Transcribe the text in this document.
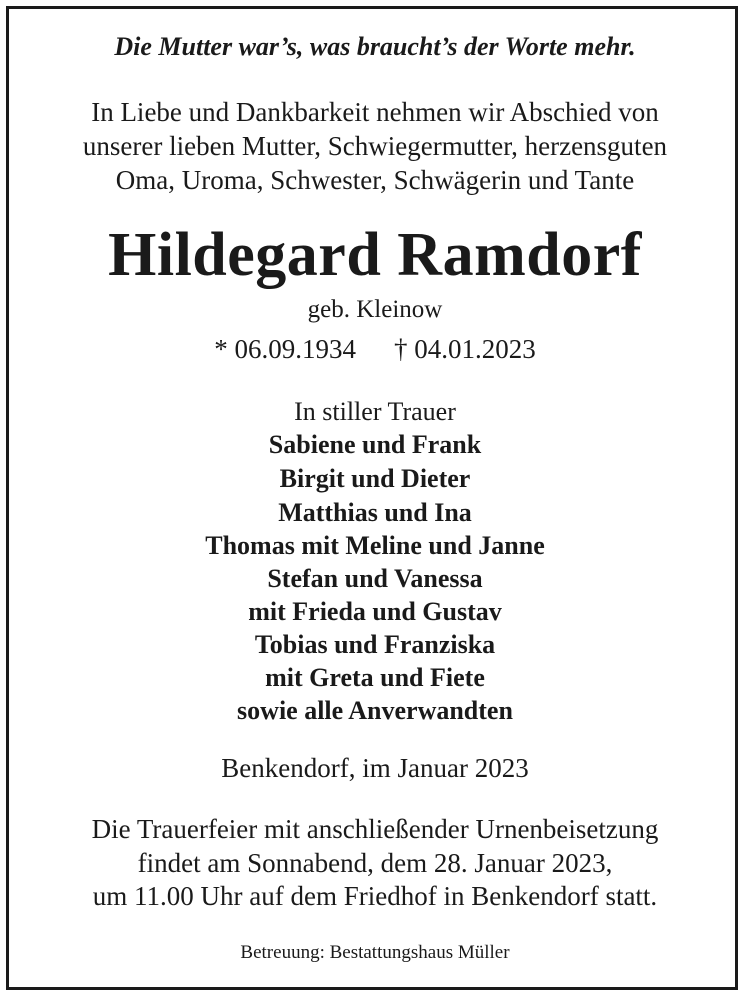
Die Mutter war’s, was braucht’s der Worte mehr.
In Liebe und Dankbarkeit nehmen wir Abschied von
unserer lieben Mutter, Schwiegermutter, herzensguten
Oma, Uroma, Schwester, Schwägerin und Tante
Hildegard Ramdorf
geb. Kleinow
* 06.09.1934 † 04.01.2023
In stiller Trauer
Sabiene und Frank
Birgit und Dieter
Matthias und Ina
Thomas mit Meline und Janne
Stefan und Vanessa
mit Frieda und Gustav
Tobias und Franziska
mit Greta und Fiete
sowie alle Anverwandten
Benkendorf, im Januar 2023
Die Trauerfeier mit anschließender Urnenbeisetzung
findet am Sonnabend, dem 28. Januar 2023,
um 11.00 Uhr auf dem Friedhof in Benkendorf statt.
Betreuung: Bestattungshaus Müller
